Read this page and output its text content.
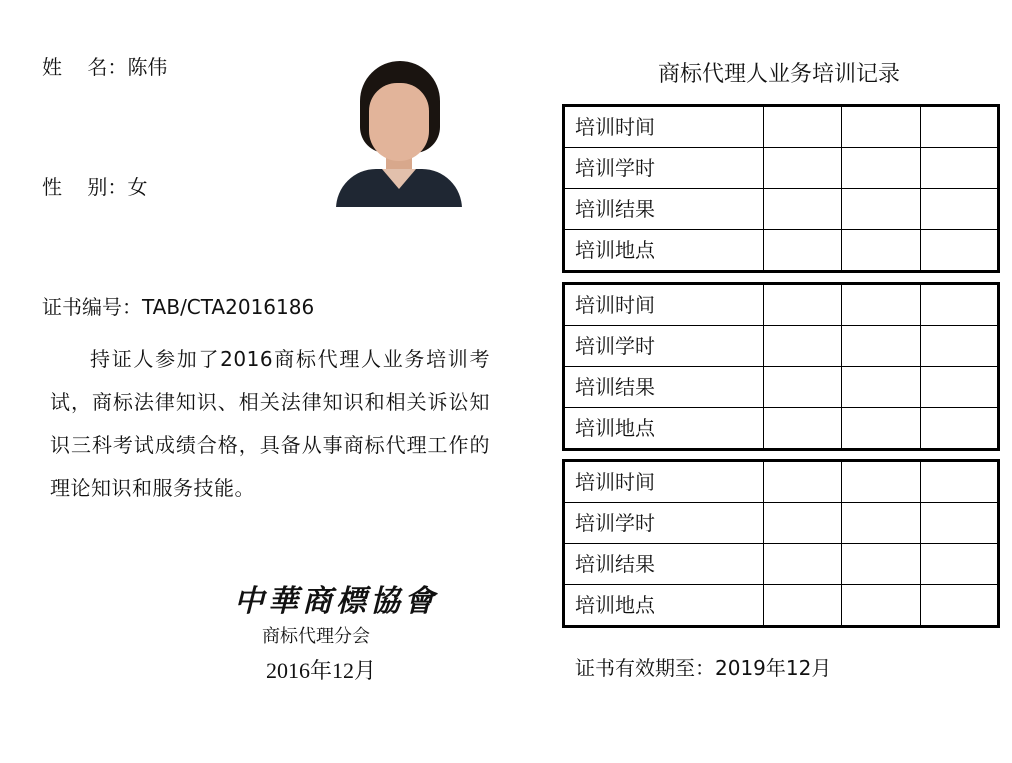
姓    名：陈伟
性    别：女
证书编号：TAB/CTA2016186
持证人参加了2016商标代理人业务培训考试，商标法律知识、相关法律知识和相关诉讼知识三科考试成绩合格，具备从事商标代理工作的理论知识和服务技能。
中華商標協會
商标代理分会
2016年12月
商标代理人业务培训记录
培训时间			
培训学时			
培训结果			
培训地点			
培训时间			
培训学时			
培训结果			
培训地点			
培训时间			
培训学时			
培训结果			
培训地点			
证书有效期至：2019年12月
